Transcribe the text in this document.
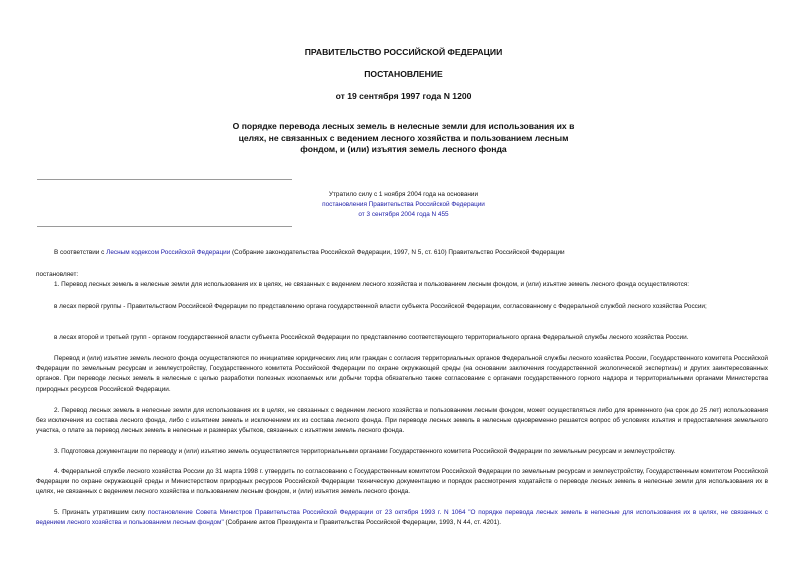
ПРАВИТЕЛЬСТВО РОССИЙСКОЙ ФЕДЕРАЦИИ
ПОСТАНОВЛЕНИЕ
от 19 сентября 1997 года N 1200
О порядке перевода лесных земель в нелесные земли для использования их в целях, не связанных с ведением лесного хозяйства и пользованием лесным фондом, и (или) изъятия земель лесного фонда
Утратило силу с 1 ноября 2004 года на основании
постановления Правительства Российской Федерации
от 3 сентября 2004 года N 455
В соответствии с Лесным кодексом Российской Федерации (Собрание законодательства Российской Федерации, 1997, N 5, ст. 610) Правительство Российской Федерации
постановляет:
1. Перевод лесных земель в нелесные земли для использования их в целях, не связанных с ведением лесного хозяйства и пользованием лесным фондом, и (или) изъятие земель лесного фонда осуществляются:
в лесах первой группы - Правительством Российской Федерации по представлению органа государственной власти субъекта Российской Федерации, согласованному с Федеральной службой лесного хозяйства России;
в лесах второй и третьей групп - органом государственной власти субъекта Российской Федерации по представлению соответствующего территориального органа Федеральной службы лесного хозяйства России.
Перевод и (или) изъятие земель лесного фонда осуществляются по инициативе юридических лиц или граждан с согласия территориальных органов Федеральной службы лесного хозяйства России, Государственного комитета Российской Федерации по земельным ресурсам и землеустройству, Государственного комитета Российской Федерации по охране окружающей среды (на основании заключения государственной экологической экспертизы) и других заинтересованных органов. При переводе лесных земель в нелесные с целью разработки полезных ископаемых или добычи торфа обязательно также согласование с органами государственного горного надзора и территориальными органами Министерства природных ресурсов Российской Федерации.
2. Перевод лесных земель в нелесные земли для использования их в целях, не связанных с ведением лесного хозяйства и пользованием лесным фондом, может осуществляться либо для временного (на срок до 25 лет) использования без исключения из состава лесного фонда, либо с изъятием земель и исключением их из состава лесного фонда. При переводе лесных земель в нелесные одновременно решается вопрос об условиях изъятия и предоставления земельного участка, о плате за перевод лесных земель в нелесные и размерах убытков, связанных с изъятием земель лесного фонда.
3. Подготовка документации по переводу и (или) изъятию земель осуществляется территориальными органами Государственного комитета Российской Федерации по земельным ресурсам и землеустройству.
4. Федеральной службе лесного хозяйства России до 31 марта 1998 г. утвердить по согласованию с Государственным комитетом Российской Федерации по земельным ресурсам и землеустройству, Государственным комитетом Российской Федерации по охране окружающей среды и Министерством природных ресурсов Российской Федерации техническую документацию и порядок рассмотрения ходатайств о переводе лесных земель в нелесные земли для использования их в целях, не связанных с ведением лесного хозяйства и пользованием лесным фондом, и (или) изъятия земель лесного фонда.
5. Признать утратившим силу постановление Совета Министров Правительства Российской Федерации от 23 октября 1993 г. N 1064 "О порядке перевода лесных земель в нелесные для использования их в целях, не связанных с ведением лесного хозяйства и пользованием лесным фондом" (Собрание актов Президента и Правительства Российской Федерации, 1993, N 44, ст. 4201).
